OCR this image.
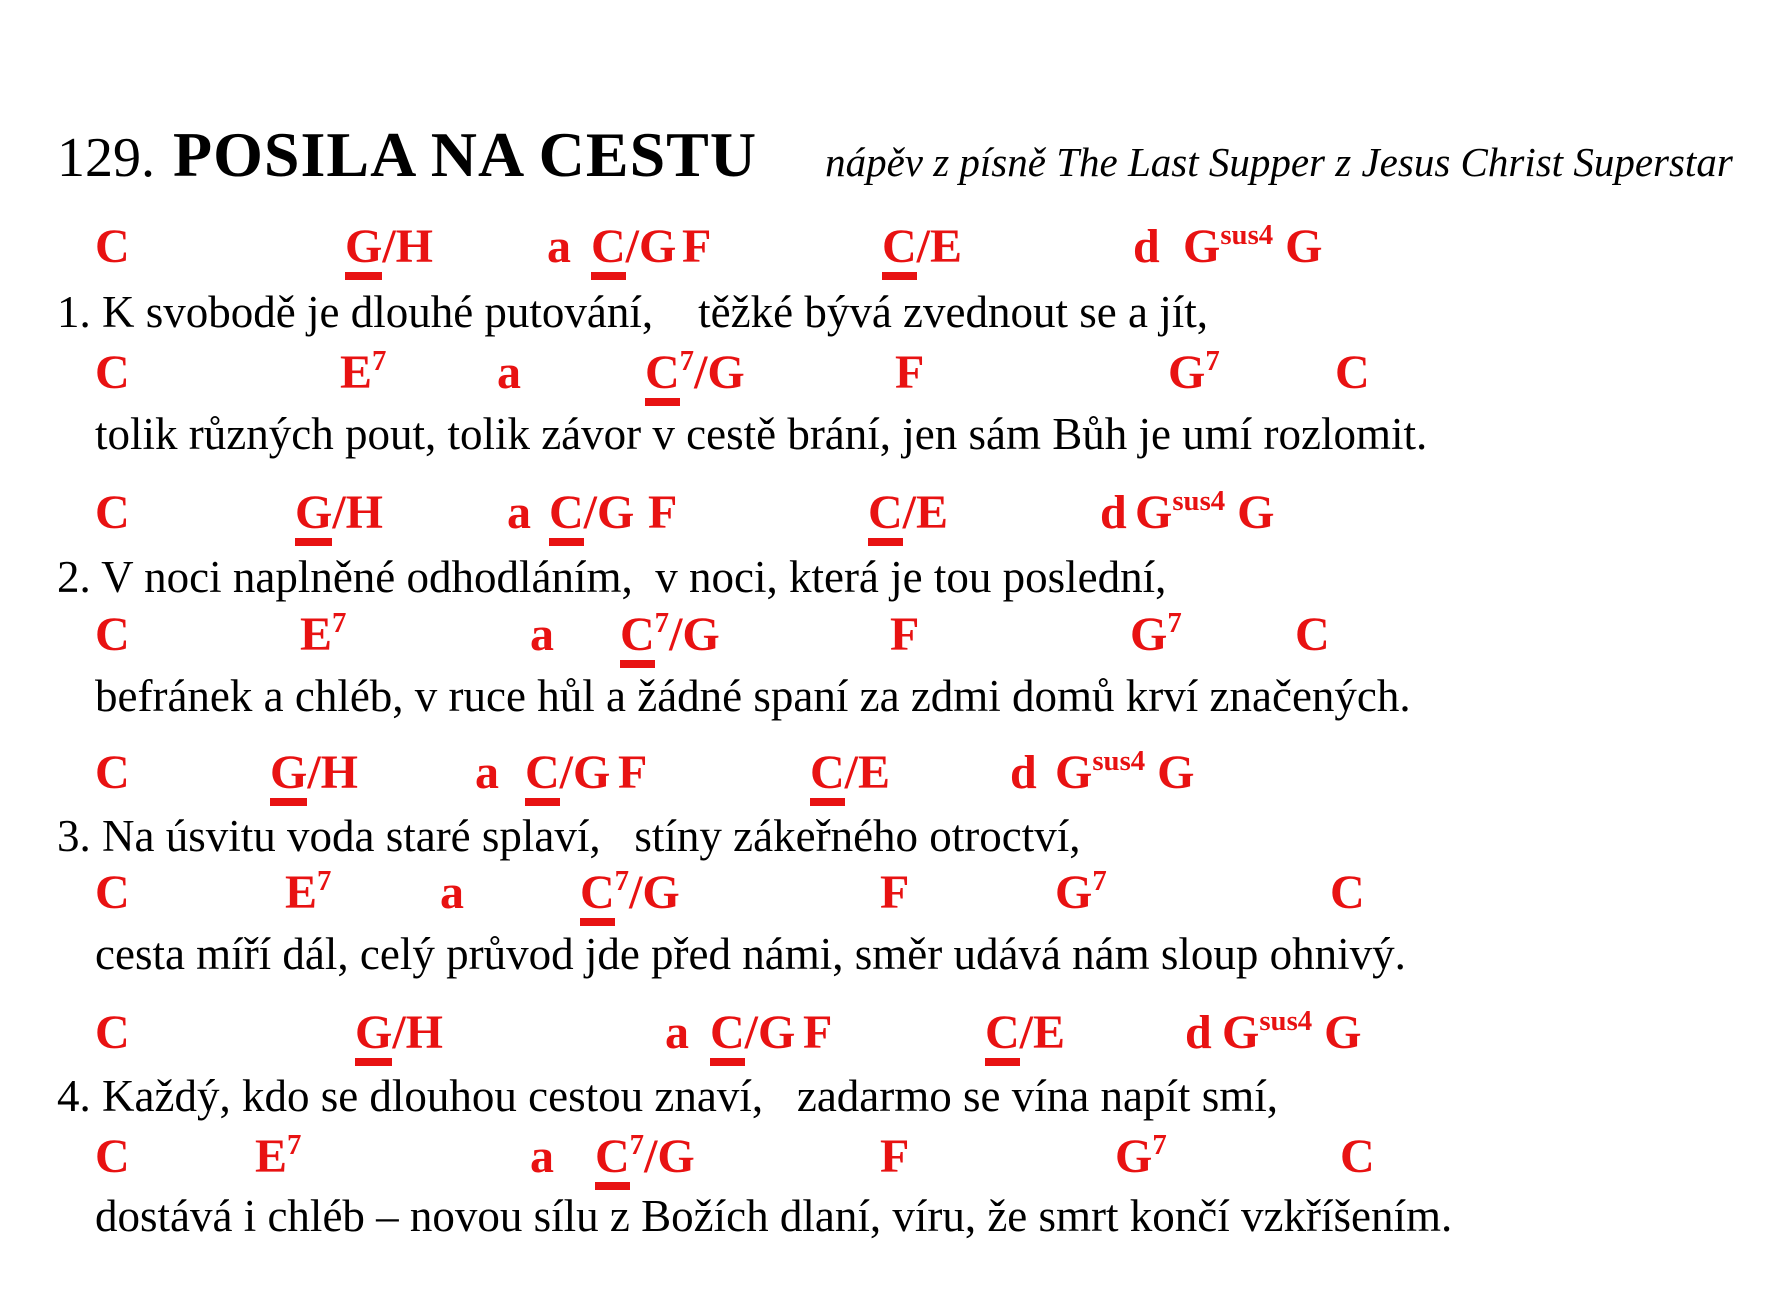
129. POSILA NA CESTU nápěv z písně The Last Supper z Jesus Christ Superstar
C	G/H a C/G F	C/E	d $G^{sus4}$ G
1. K svobodě je dlouhé putování,    těžké bývá zvednout se a jít,
C	$E^7$ a	$C^7/G$	F	$G^7$ C
tolik různých pout, tolik závor v cestě brání, jen sám Bůh je umí rozlomit.
C	G/H	a C/G F	C/E	d $G^{sus4}$ G
2. V noci naplněné odhodláním,  v noci, která je tou poslední,
C	$E^7$	a $C^7/G$	F	$G^7$ C
befránek a chléb, v ruce hůl a žádné spaní za zdmi domů krví značených.
C	G/H a C/G F	C/E d $G^{sus4}$ G
3. Na úsvitu voda staré splaví,   stíny zákeřného otroctví,
C	$E^7$ a $C^7/G$	F	$G^7$	C
cesta míří dál, celý průvod jde před námi, směr udává nám sloup ohnivý.
C	G/H	a C/G F	C/E d $G^{sus4}$ G
4. Každý, kdo se dlouhou cestou znaví,   zadarmo se vína napít smí,
C	$E^7$	a $C^7/G$	F	$G^7$	C
dostává i chléb – novou sílu z Božích dlaní, víru, že smrt končí vzkříšením.
